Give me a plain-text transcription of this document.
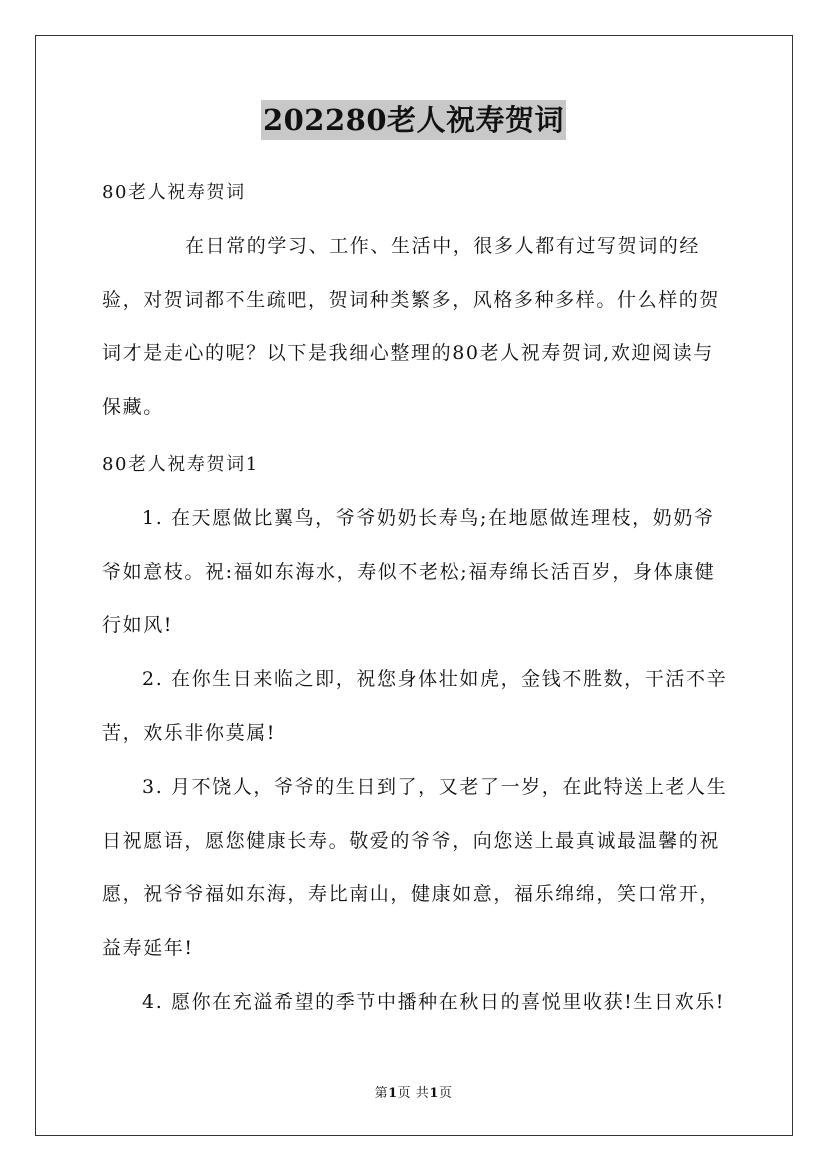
202280老人祝寿贺词

80老人祝寿贺词

在日常的学习、工作、生活中，很多人都有过写贺词的经验，对贺词都不生疏吧，贺词种类繁多，风格多种多样。什么样的贺词才是走心的呢？以下是我细心整理的80老人祝寿贺词,欢迎阅读与保藏。

80老人祝寿贺词1

1. 在天愿做比翼鸟，爷爷奶奶长寿鸟;在地愿做连理枝，奶奶爷爷如意枝。祝:福如东海水，寿似不老松;福寿绵长活百岁，身体康健行如风!

2. 在你生日来临之即，祝您身体壮如虎，金钱不胜数，干活不辛苦，欢乐非你莫属!

3. 月不饶人，爷爷的生日到了，又老了一岁，在此特送上老人生日祝愿语，愿您健康长寿。敬爱的爷爷，向您送上最真诚最温馨的祝愿，祝爷爷福如东海，寿比南山，健康如意，福乐绵绵，笑口常开，益寿延年!

4. 愿你在充溢希望的季节中播种在秋日的喜悦里收获!生日欢乐!

第1页 共1页
